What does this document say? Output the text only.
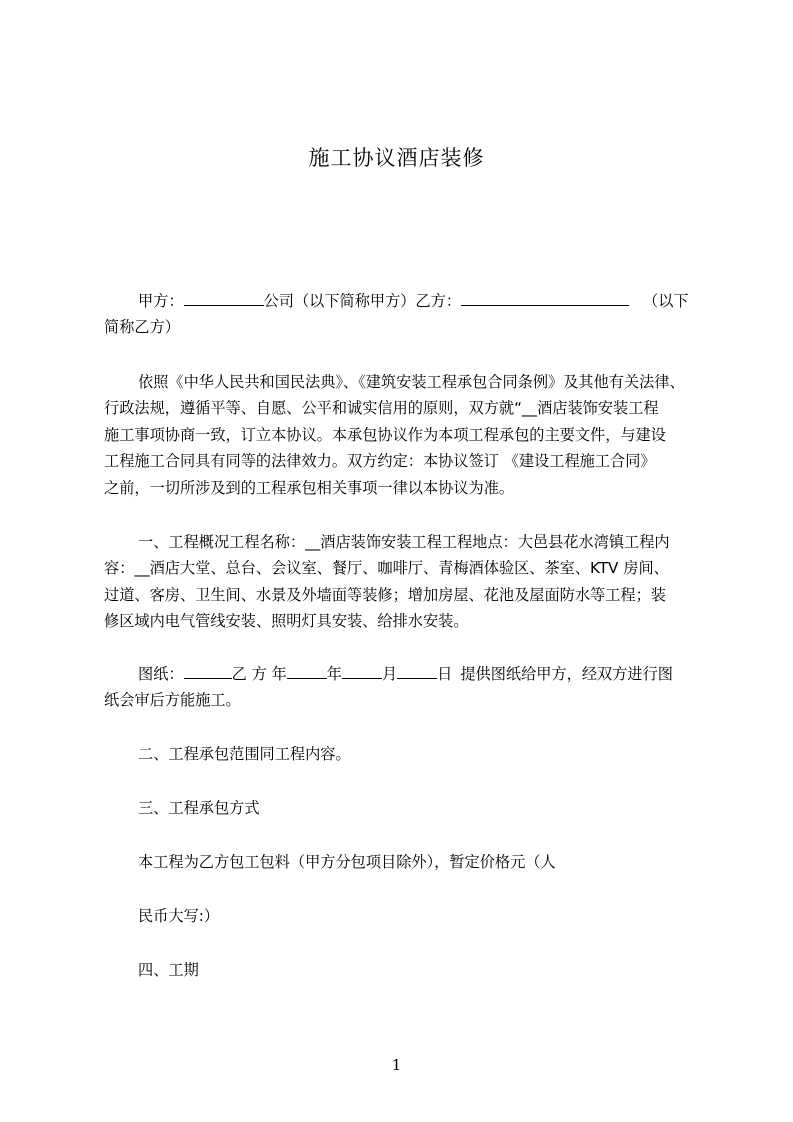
施工协议酒店装修
甲方：	公司（以下简称甲方）乙方：	（以下
简称乙方）
依照《中华人民共和国民法典》、《建筑安装工程承包合同条例》及其他有关法律、
行政法规，遵循平等、自愿、公平和诚实信用的原则，双方就“__酒店装饰安装工程
施工事项协商一致，订立本协议。本承包协议作为本项工程承包的主要文件，与建设
工程施工合同具有同等的法律效力。双方约定：本协议签订 《建设工程施工合同》
之前，一切所涉及到的工程承包相关事项一律以本协议为准。
一、工程概况工程名称：__酒店装饰安装工程工程地点：大邑县花水湾镇工程内
容：__酒店大堂、总台、会议室、餐厅、咖啡厅、青梅酒体验区、茶室、KTV 房间、
过道、客房、卫生间、水景及外墙面等装修；增加房屋、花池及屋面防水等工程；装
修区域内电气管线安装、照明灯具安装、给排水安装。
图纸：	乙 方 年	年	月	日 提供图纸给甲方，经双方进行图
纸会审后方能施工。
二、工程承包范围同工程内容。
三、工程承包方式
本工程为乙方包工包料（甲方分包项目除外），暂定价格元（人
民币大写:）
四、工期
1
